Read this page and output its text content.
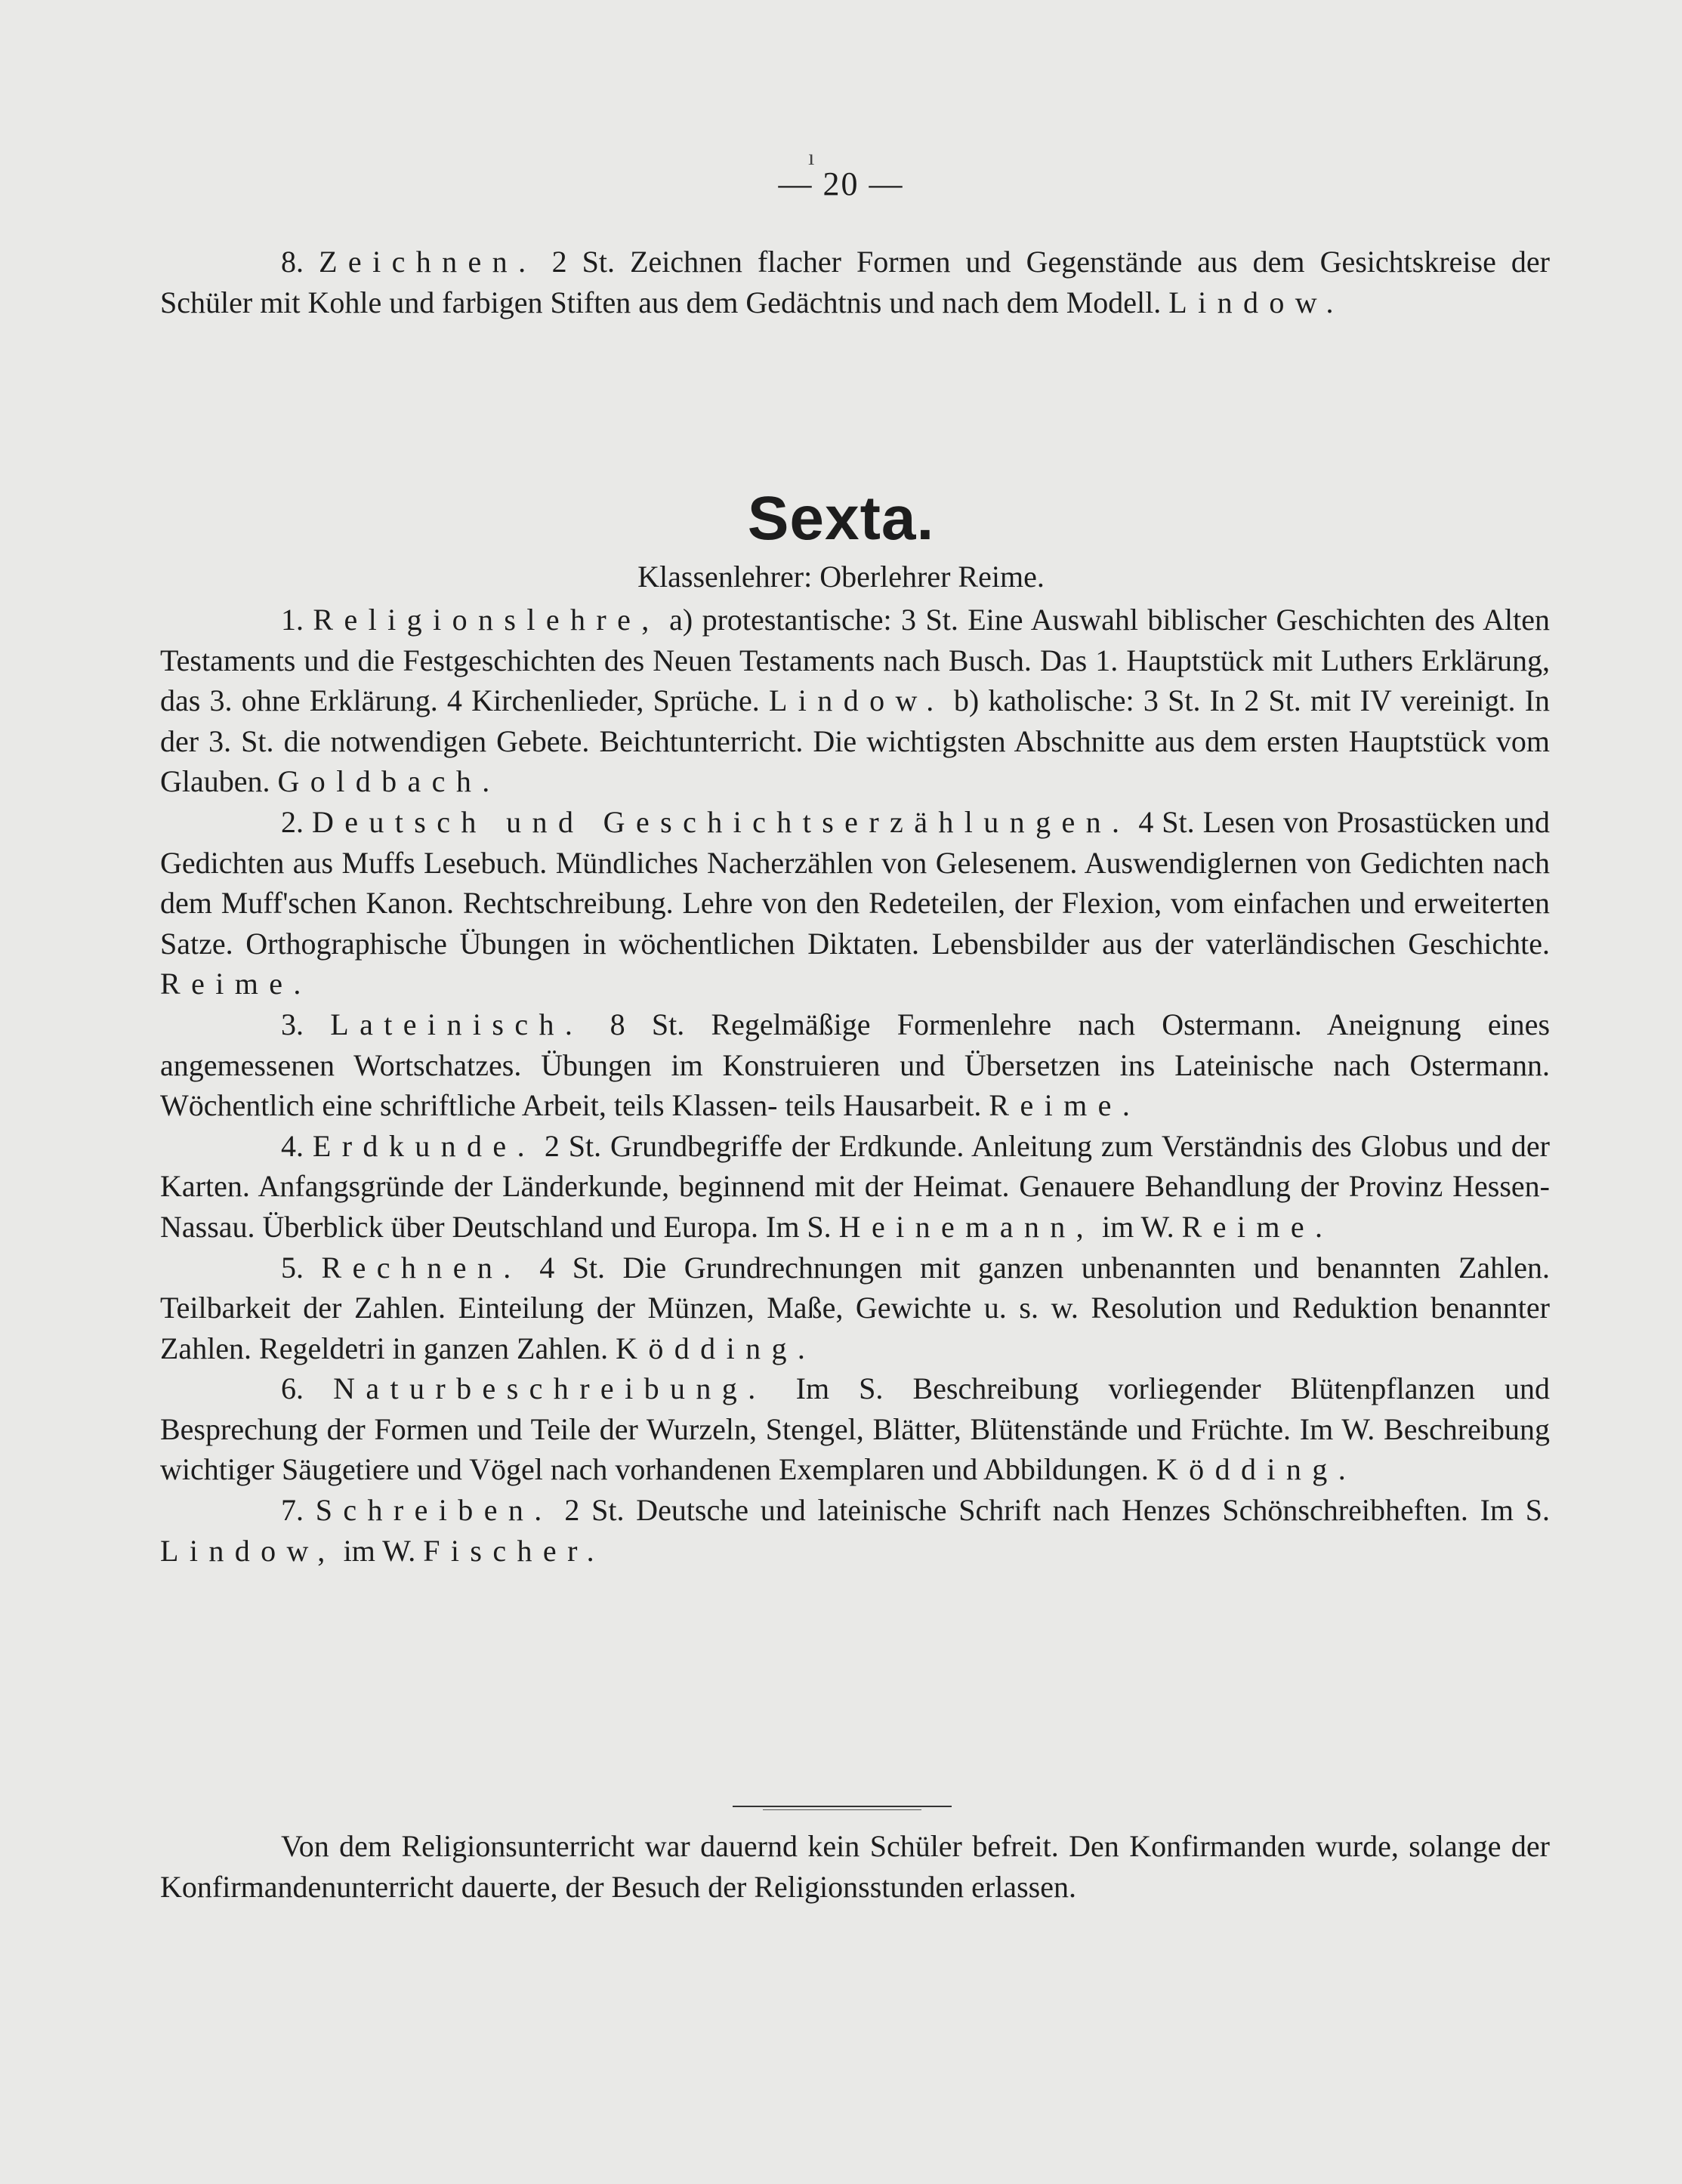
ı
— 20 —

8. Zeichnen. 2 St. Zeichnen flacher Formen und Gegenstände aus dem Gesichtskreise der Schüler mit Kohle und farbigen Stiften aus dem Gedächtnis und nach dem Modell. Lindow.

Sexta.
Klassenlehrer: Oberlehrer Reime.

1. Religionslehre, a) protestantische: 3 St. Eine Auswahl biblischer Geschichten des Alten Testaments und die Festgeschichten des Neuen Testaments nach Busch. Das 1. Hauptstück mit Luthers Erklärung, das 3. ohne Erklärung. 4 Kirchenlieder, Sprüche. Lindow. b) katholische: 3 St. In 2 St. mit IV vereinigt. In der 3. St. die notwendigen Gebete. Beichtunterricht. Die wichtigsten Abschnitte aus dem ersten Hauptstück vom Glauben. Goldbach.

2. Deutsch und Geschichtserzählungen. 4 St. Lesen von Prosastücken und Gedichten aus Muffs Lesebuch. Mündliches Nacherzählen von Gelesenem. Auswendiglernen von Gedichten nach dem Muff'schen Kanon. Rechtschreibung. Lehre von den Redeteilen, der Flexion, vom einfachen und erweiterten Satze. Orthographische Übungen in wöchentlichen Diktaten. Lebensbilder aus der vaterländischen Geschichte. Reime.

3. Lateinisch. 8 St. Regelmäßige Formenlehre nach Ostermann. Aneignung eines angemessenen Wortschatzes. Übungen im Konstruieren und Übersetzen ins Lateinische nach Ostermann. Wöchentlich eine schriftliche Arbeit, teils Klassen- teils Hausarbeit. Reime.

4. Erdkunde. 2 St. Grundbegriffe der Erdkunde. Anleitung zum Verständnis des Globus und der Karten. Anfangsgründe der Länderkunde, beginnend mit der Heimat. Genauere Behandlung der Provinz Hessen-Nassau. Überblick über Deutschland und Europa. Im S. Heinemann, im W. Reime.

5. Rechnen. 4 St. Die Grundrechnungen mit ganzen unbenannten und benannten Zahlen. Teilbarkeit der Zahlen. Einteilung der Münzen, Maße, Gewichte u. s. w. Resolution und Reduktion benannter Zahlen. Regeldetri in ganzen Zahlen. Ködding.

6. Naturbeschreibung. Im S. Beschreibung vorliegender Blütenpflanzen und Besprechung der Formen und Teile der Wurzeln, Stengel, Blätter, Blütenstände und Früchte. Im W. Beschreibung wichtiger Säugetiere und Vögel nach vorhandenen Exemplaren und Abbildungen. Ködding.

7. Schreiben. 2 St. Deutsche und lateinische Schrift nach Henzes Schönschreibheften. Im S. Lindow, im W. Fischer.

Von dem Religionsunterricht war dauernd kein Schüler befreit. Den Konfirmanden wurde, solange der Konfirmandenunterricht dauerte, der Besuch der Religionsstunden erlassen.
